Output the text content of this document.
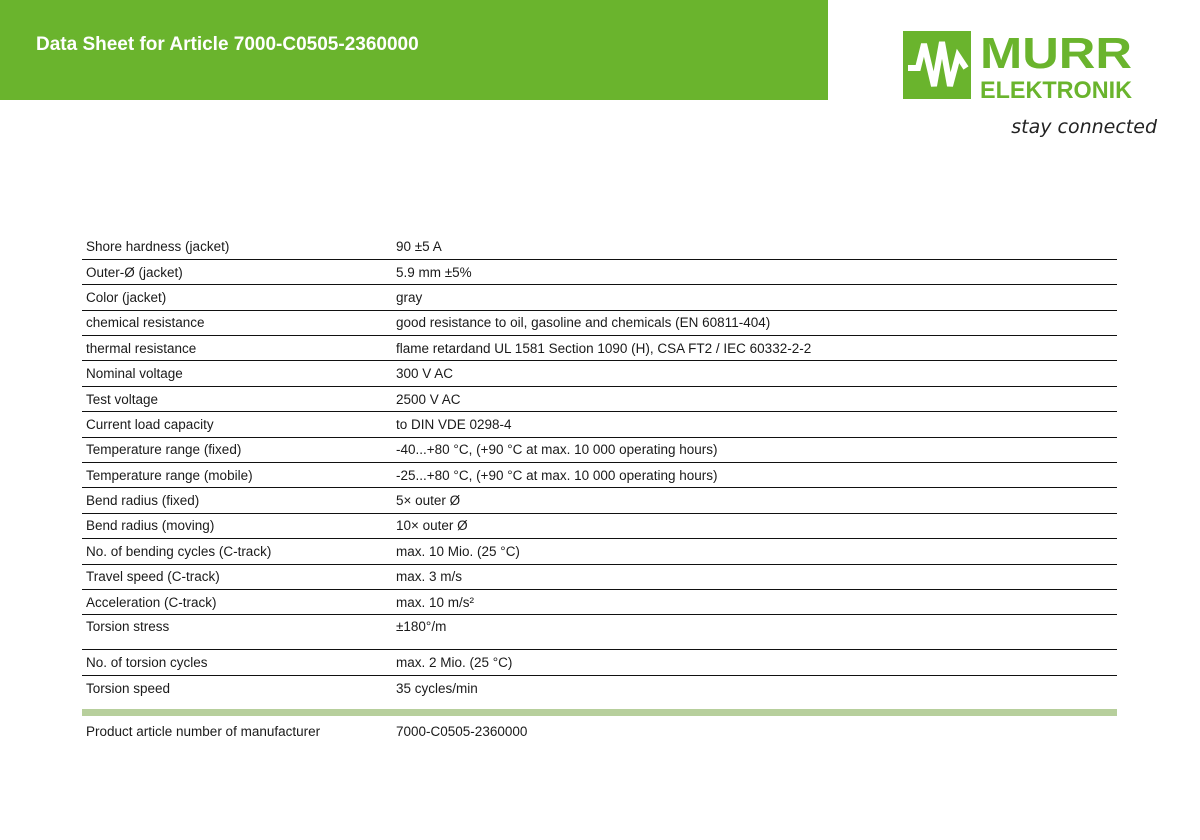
Data Sheet for Article 7000-C0505-2360000	MURR
ELEKTRONIK
stay connected
Shore hardness (jacket)	90 ±5 A
Outer-Ø (jacket)	5.9 mm ±5%
Color (jacket)	gray
chemical resistance	good resistance to oil, gasoline and chemicals (EN 60811-404)
thermal resistance	flame retardand UL 1581 Section 1090 (H), CSA FT2 / IEC 60332-2-2
Nominal voltage	300 V AC
Test voltage	2500 V AC
Current load capacity	to DIN VDE 0298-4
Temperature range (fixed)	-40...+80 °C, (+90 °C at max. 10 000 operating hours)
Temperature range (mobile)	-25...+80 °C, (+90 °C at max. 10 000 operating hours)
Bend radius (fixed)	5× outer Ø
Bend radius (moving)	10× outer Ø
No. of bending cycles (C-track)	max. 10 Mio. (25 °C)
Travel speed (C-track)	max. 3 m/s
Acceleration (C-track)	max. 10 m/s²
Torsion stress	±180°/m
No. of torsion cycles	max. 2 Mio. (25 °C)
Torsion speed	35 cycles/min
Product article number of manufacturer	7000-C0505-2360000
